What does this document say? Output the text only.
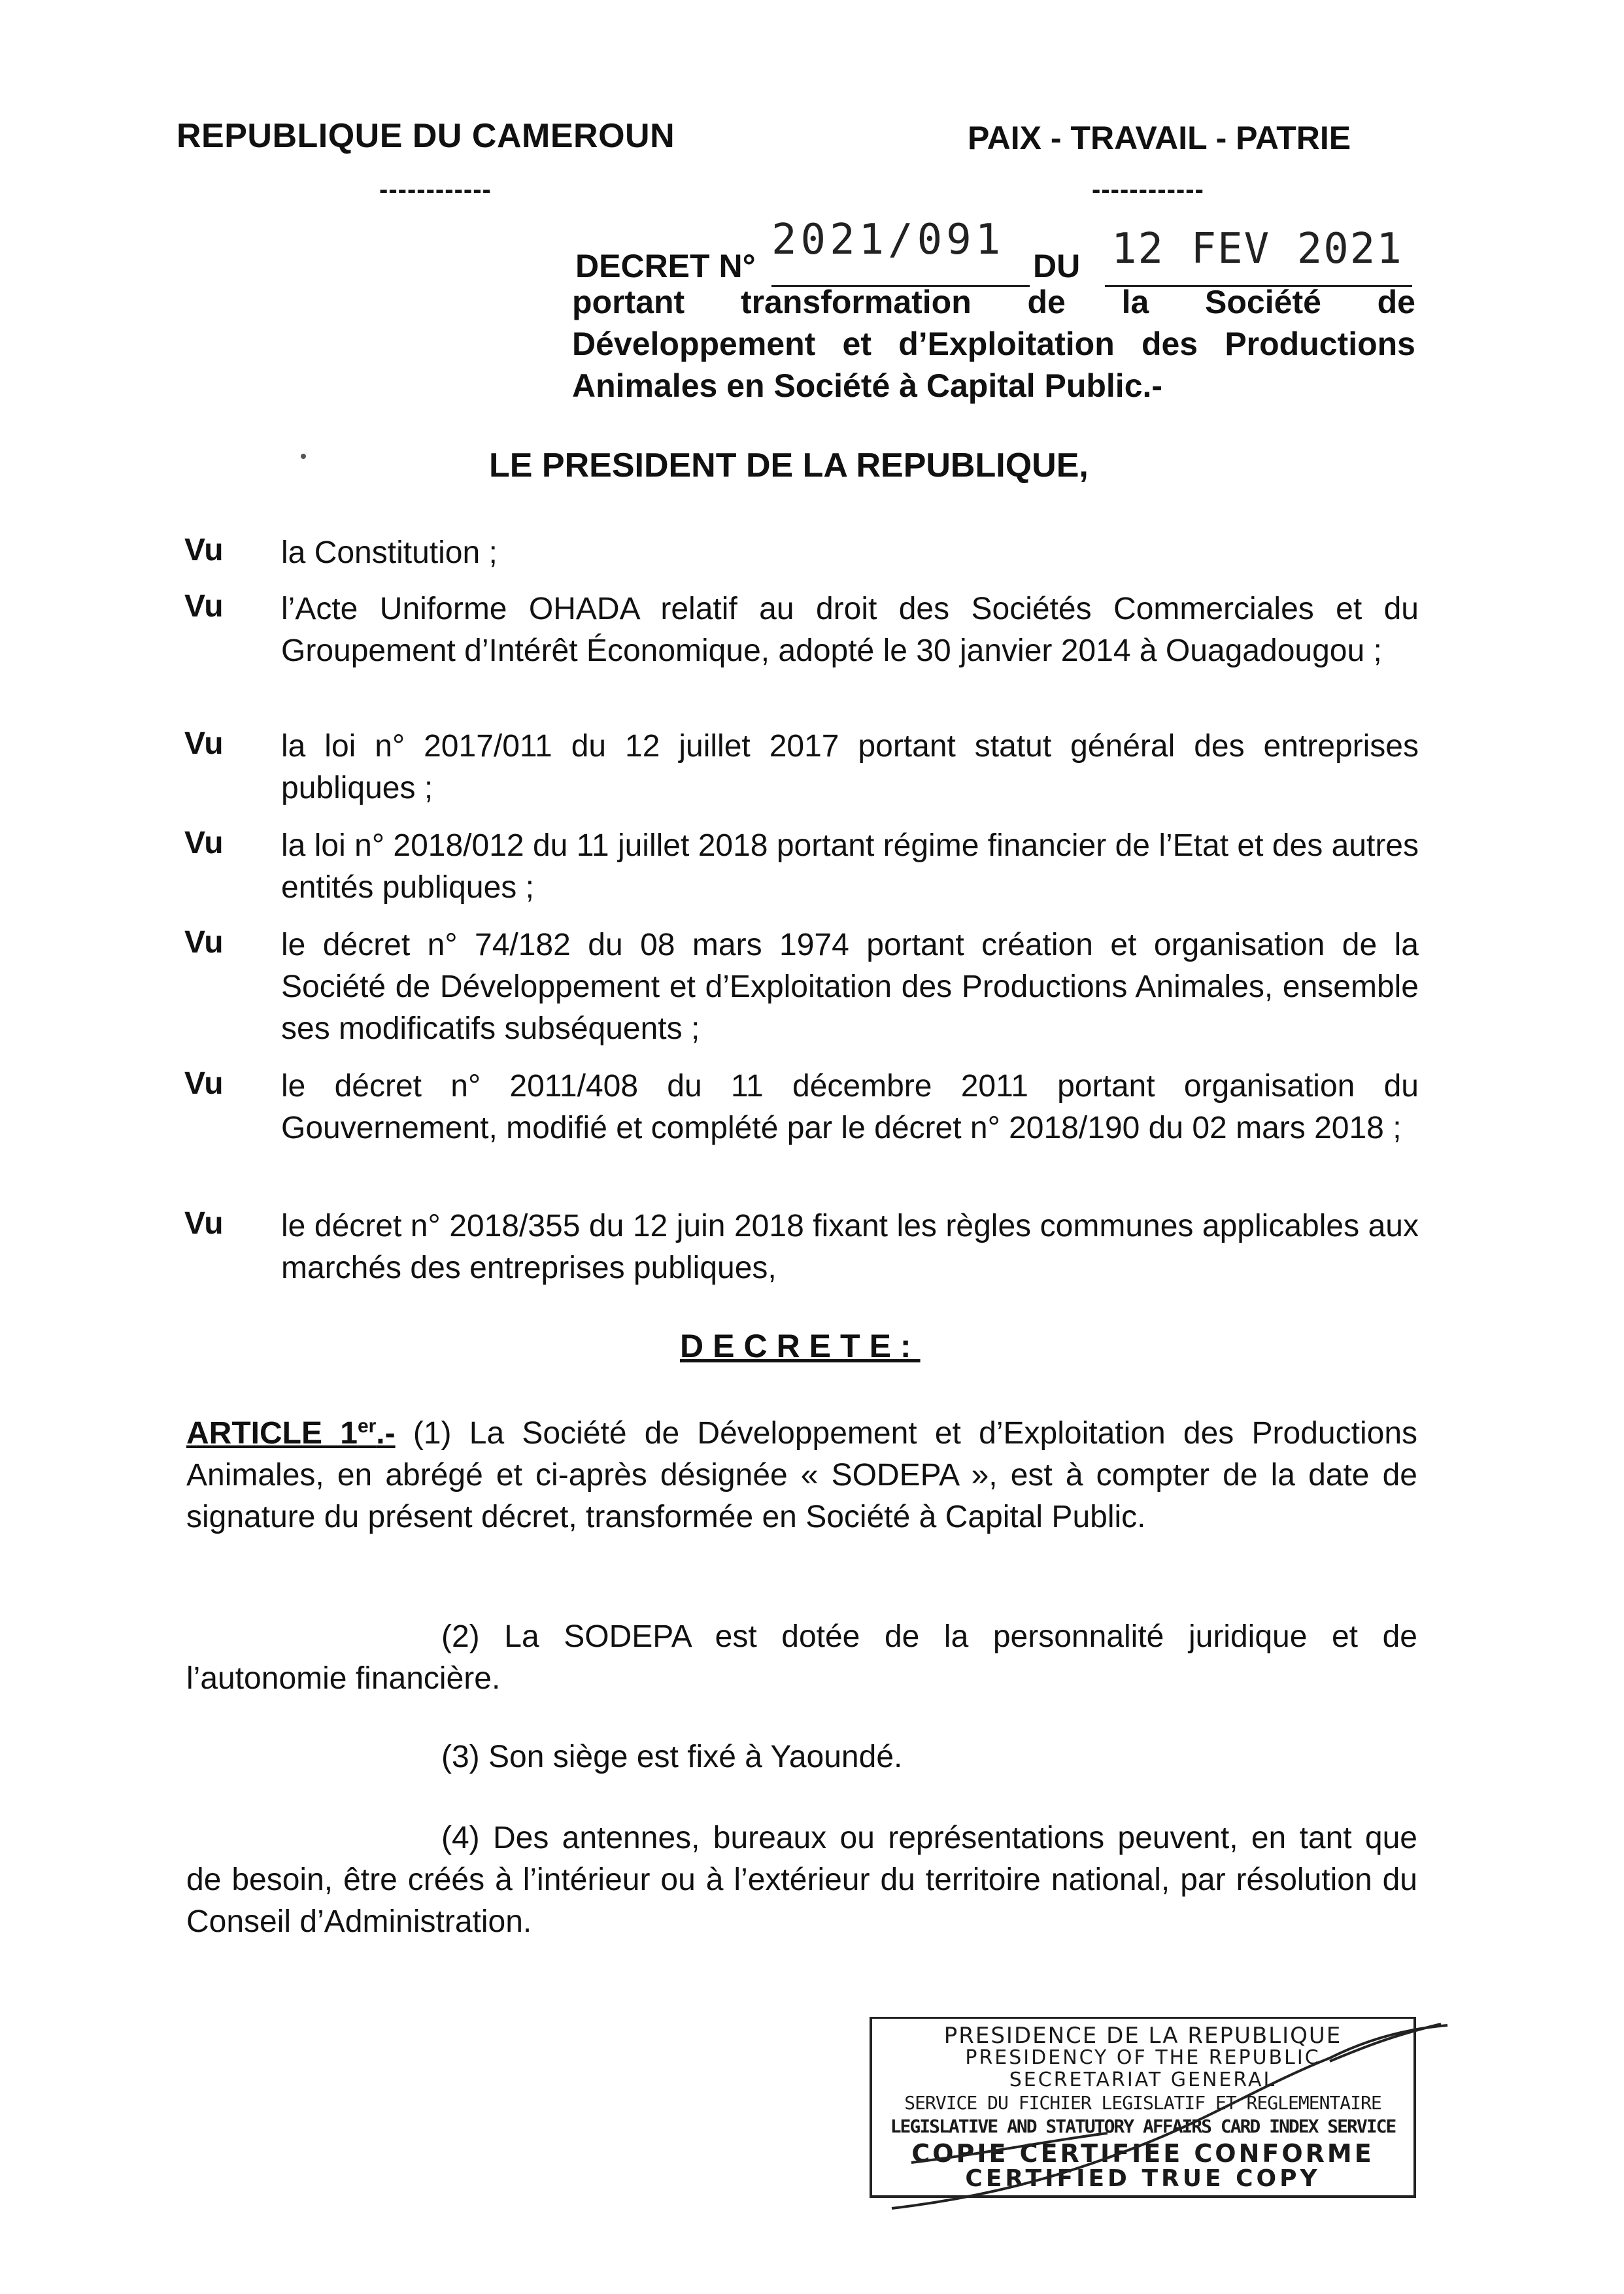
REPUBLIQUE DU CAMEROUN
------------
PAIX - TRAVAIL - PATRIE
------------
DECRET N°
2021/091
DU 12 FEV 2021
portant transformation de la Société de Développement et d’Exploitation des Productions Animales en Société à Capital Public.-
LE PRESIDENT DE LA REPUBLIQUE,
Vu la Constitution ;
Vu l’Acte Uniforme OHADA relatif au droit des Sociétés Commerciales et du Groupement d’Intérêt Économique, adopté le 30 janvier 2014 à Ouagadougou ;
Vu la loi n° 2017/011 du 12 juillet 2017 portant statut général des entreprises publiques ;
Vu la loi n° 2018/012 du 11 juillet 2018 portant régime financier de l’Etat et des autres entités publiques ;
Vu le décret n° 74/182 du 08 mars 1974 portant création et organisation de la Société de Développement et d’Exploitation des Productions Animales, ensemble ses modificatifs subséquents ;
Vu le décret n° 2011/408 du 11 décembre 2011 portant organisation du Gouvernement, modifié et complété par le décret n° 2018/190 du 02 mars 2018 ;
Vu le décret n° 2018/355 du 12 juin 2018 fixant les règles communes applicables aux marchés des entreprises publiques,
DECRETE:
ARTICLE 1er.- (1) La Société de Développement et d’Exploitation des Productions Animales, en abrégé et ci-après désignée « SODEPA », est à compter de la date de signature du présent décret, transformée en Société à Capital Public.
(2) La SODEPA est dotée de la personnalité juridique et de l’autonomie financière.
(3) Son siège est fixé à Yaoundé.
(4) Des antennes, bureaux ou représentations peuvent, en tant que de besoin, être créés à l’intérieur ou à l’extérieur du territoire national, par résolution du Conseil d’Administration.
PRESIDENCE DE LA REPUBLIQUE
PRESIDENCY OF THE REPUBLIC
SECRETARIAT GENERAL
SERVICE DU FICHIER LEGISLATIF ET REGLEMENTAIRE
LEGISLATIVE AND STATUTORY AFFAIRS CARD INDEX SERVICE
COPIE CERTIFIEE CONFORME
CERTIFIED TRUE COPY
